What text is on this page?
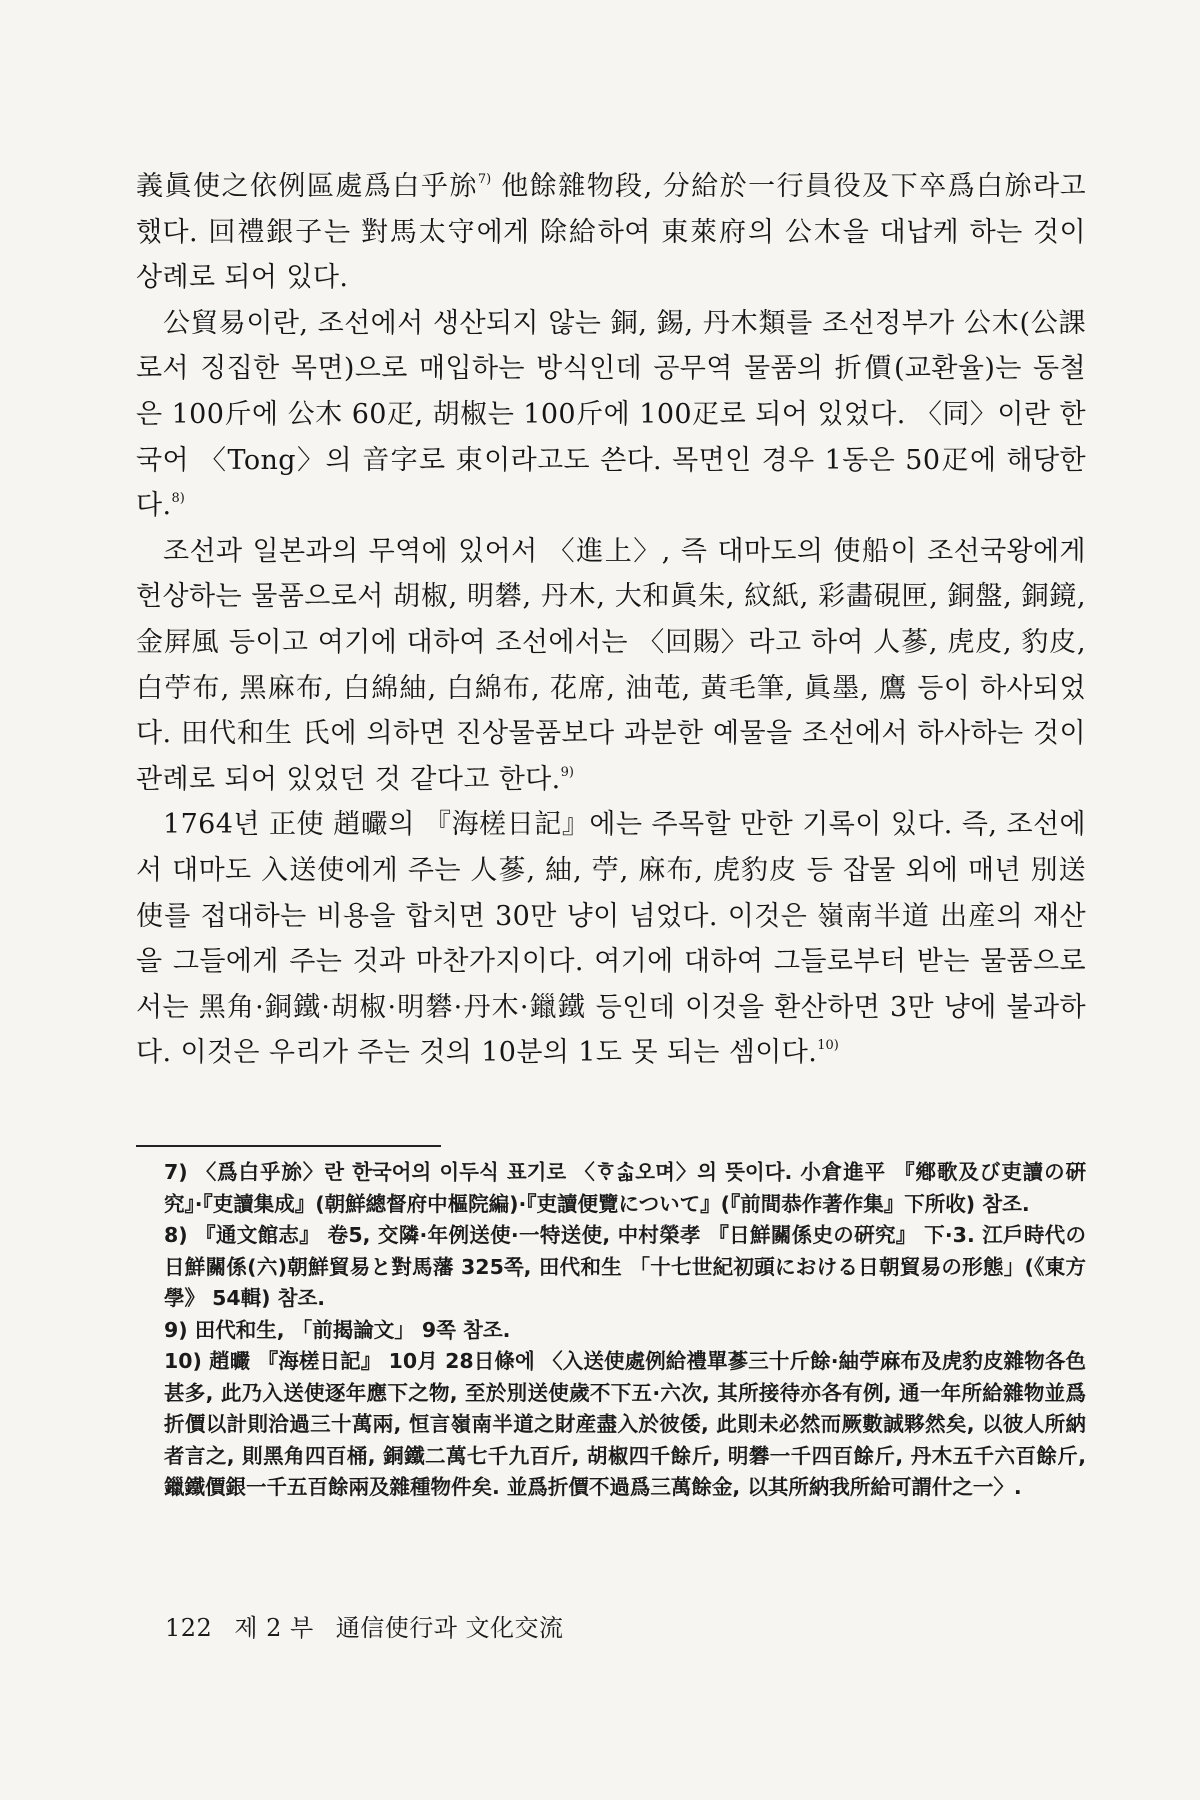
義眞使之依例區處爲白乎旀$^{7)}$ 他餘雜物段, 分給於一行員役及下卒爲白旀라고 했다. 回禮銀子는 對馬太守에게 除給하여 東萊府의 公木을 대납케 하는 것이 상례로 되어 있다.

公貿易이란, 조선에서 생산되지 않는 銅, 錫, 丹木類를 조선정부가 公木(公課로서 징집한 목면)으로 매입하는 방식인데 공무역 물품의 折價(교환율)는 동철은 100斤에 公木 60疋, 胡椒는 100斤에 100疋로 되어 있었다. 〈同〉이란 한국어 〈Tong〉의 音字로 束이라고도 쓴다. 목면인 경우 1동은 50疋에 해당한다.$^{8)}$

조선과 일본과의 무역에 있어서 〈進上〉, 즉 대마도의 使船이 조선국왕에게 헌상하는 물품으로서 胡椒, 明礬, 丹木, 大和眞朱, 紋紙, 彩畵硯匣, 銅盤, 銅鏡, 金屛風 등이고 여기에 대하여 조선에서는 〈回賜〉라고 하여 人蔘, 虎皮, 豹皮, 白苧布, 黑麻布, 白綿紬, 白綿布, 花席, 油芚, 黃毛筆, 眞墨, 鷹 등이 하사되었다. 田代和生 氏에 의하면 진상물품보다 과분한 예물을 조선에서 하사하는 것이 관례로 되어 있었던 것 같다고 한다.$^{9)}$

1764년 正使 趙曮의 『海槎日記』에는 주목할 만한 기록이 있다. 즉, 조선에서 대마도 入送使에게 주는 人蔘, 紬, 苧, 麻布, 虎豹皮 등 잡물 외에 매년 別送使를 접대하는 비용을 합치면 30만 냥이 넘었다. 이것은 嶺南半道 出産의 재산을 그들에게 주는 것과 마찬가지이다. 여기에 대하여 그들로부터 받는 물품으로서는 黑角·銅鐵·胡椒·明礬·丹木·鑞鐵 등인데 이것을 환산하면 3만 냥에 불과하다. 이것은 우리가 주는 것의 10분의 1도 못 되는 셈이다.$^{10)}$

7) 〈爲白乎旀〉란 한국어의 이두식 표기로 〈ᄒᆞᄉᆞᆲ오며〉의 뜻이다. 小倉進平 『鄕歌及び吏讀の硏究』·『吏讀集成』(朝鮮總督府中樞院編)·『吏讀便覽について』(『前間恭作著作集』下所收) 참조.

8) 『通文館志』 卷5, 交隣·年例送使·一特送使, 中村榮孝 『日鮮關係史の硏究』 下·3. 江戶時代の日鮮關係(六)朝鮮貿易と對馬藩 325쪽, 田代和生 「十七世紀初頭における日朝貿易の形態」(《東方學》 54輯) 참조.

9) 田代和生, 「前揭論文」 9쪽 참조.

10) 趙曮 『海槎日記』 10月 28日條에 〈入送使處例給禮單蔘三十斤餘·紬苧麻布及虎豹皮雜物各色甚多, 此乃入送使逐年應下之物, 至於別送使歲不下五·六次, 其所接待亦各有例, 通一年所給雜物並爲折價以計則洽過三十萬兩, 恒言嶺南半道之財産盡入於彼倭, 此則未必然而厥數誠夥然矣, 以彼人所納者言之, 則黑角四百桶, 銅鐵二萬七千九百斤, 胡椒四千餘斤, 明礬一千四百餘斤, 丹木五千六百餘斤, 鑞鐵價銀一千五百餘兩及雜種物件矣. 並爲折價不過爲三萬餘金, 以其所納我所給可謂什之一〉.

122 제 2 부 通信使行과 文化交流
